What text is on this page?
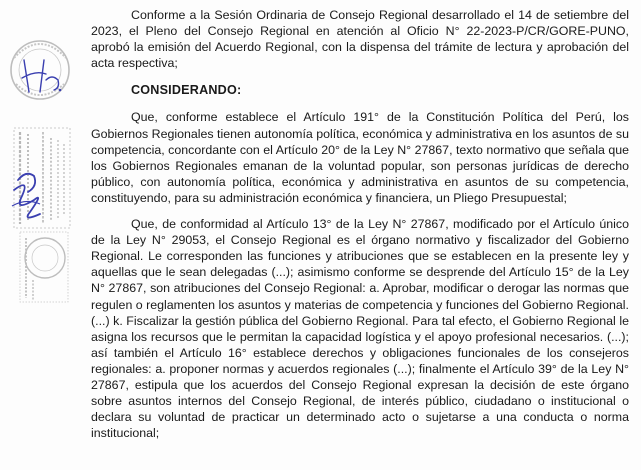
Conforme a la Sesión Ordinaria de Consejo Regional desarrollado el 14 de setiembre del 2023, el Pleno del Consejo Regional en atención al Oficio N° 22-2023-P/CR/GORE-PUNO, aprobó la emisión del Acuerdo Regional, con la dispensa del trámite de lectura y aprobación del acta respectiva;

CONSIDERANDO:

Que, conforme establece el Artículo 191° de la Constitución Política del Perú, los Gobiernos Regionales tienen autonomía política, económica y administrativa en los asuntos de su competencia, concordante con el Artículo 20° de la Ley N° 27867, texto normativo que señala que los Gobiernos Regionales emanan de la voluntad popular, son personas jurídicas de derecho público, con autonomía política, económica y administrativa en asuntos de su competencia, constituyendo, para su administración económica y financiera, un Pliego Presupuestal;

Que, de conformidad al Artículo 13° de la Ley N° 27867, modificado por el Artículo único de la Ley N° 29053, el Consejo Regional es el órgano normativo y fiscalizador del Gobierno Regional. Le corresponden las funciones y atribuciones que se establecen en la presente ley y aquellas que le sean delegadas (...); asimismo conforme se desprende del Artículo 15° de la Ley N° 27867, son atribuciones del Consejo Regional: a. Aprobar, modificar o derogar las normas que regulen o reglamenten los asuntos y materias de competencia y funciones del Gobierno Regional. (...) k. Fiscalizar la gestión pública del Gobierno Regional. Para tal efecto, el Gobierno Regional le asigna los recursos que le permitan la capacidad logística y el apoyo profesional necesarios. (...); así también el Artículo 16° establece derechos y obligaciones funcionales de los consejeros regionales: a. proponer normas y acuerdos regionales (...); finalmente el Artículo 39° de la Ley N° 27867, estipula que los acuerdos del Consejo Regional expresan la decisión de este órgano sobre asuntos internos del Consejo Regional, de interés público, ciudadano o institucional o declara su voluntad de practicar un determinado acto o sujetarse a una conducta o norma institucional;
